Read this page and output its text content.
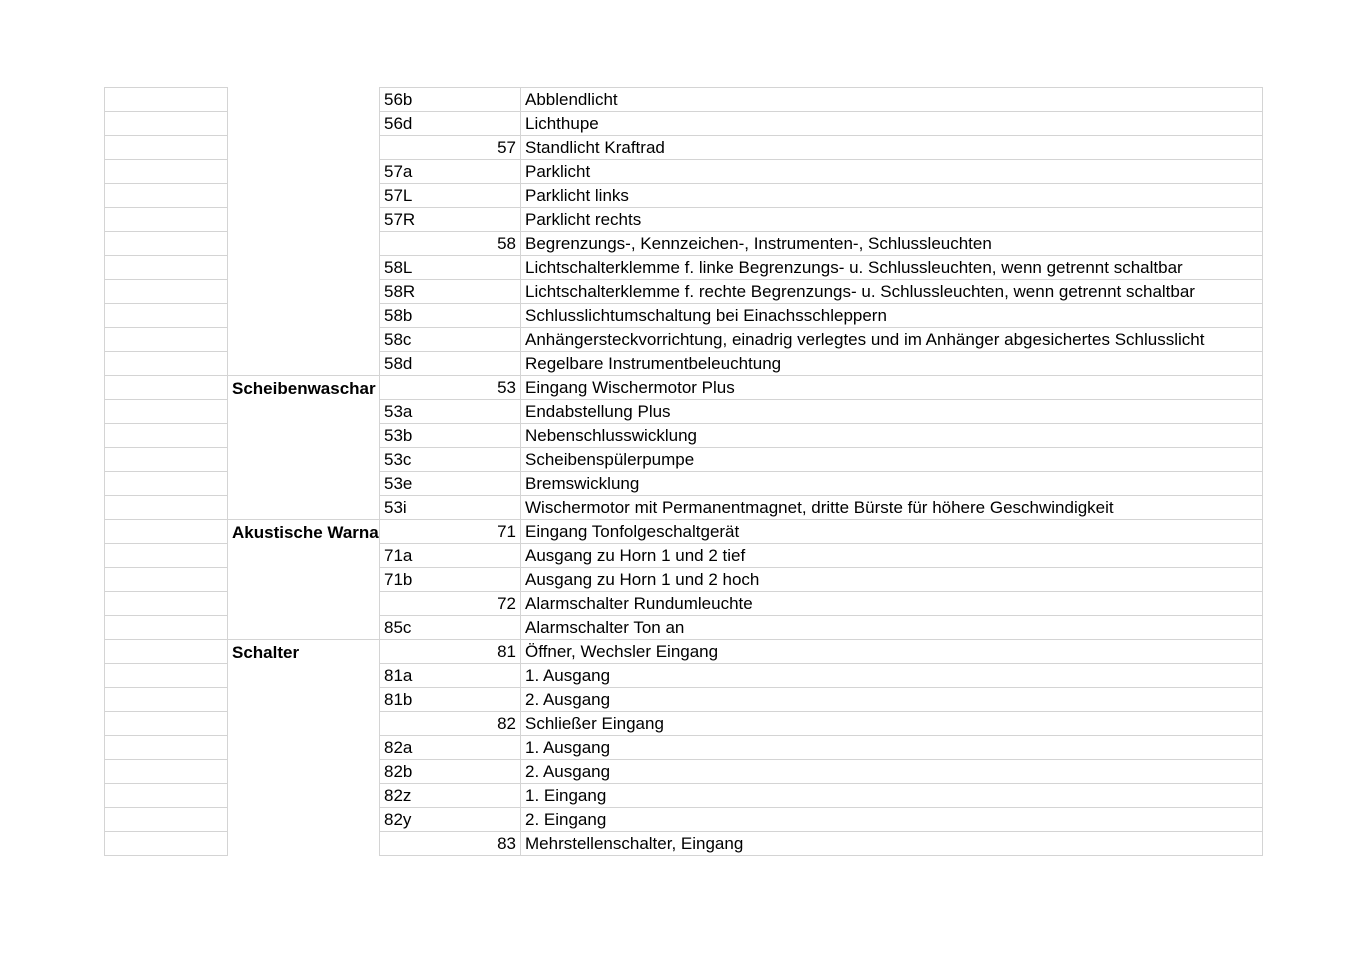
		56b	Abblendlicht
		56d	Lichthupe
		57	Standlicht Kraftrad
		57a	Parklicht
		57L	Parklicht links
		57R	Parklicht rechts
		58	Begrenzungs-, Kennzeichen-, Instrumenten-, Schlussleuchten
		58L	Lichtschalterklemme f. linke Begrenzungs- u. Schlussleuchten, wenn getrennt schaltbar
		58R	Lichtschalterklemme f. rechte Begrenzungs- u. Schlussleuchten, wenn getrennt schaltbar
		58b	Schlusslichtumschaltung bei Einachsschleppern
		58c	Anhängersteckvorrichtung, einadrig verlegtes und im Anhänger abgesichertes Schlusslicht
		58d	Regelbare Instrumentbeleuchtung
	Scheibenwaschar	53	Eingang Wischermotor Plus
		53a	Endabstellung Plus
		53b	Nebenschlusswicklung
		53c	Scheibenspülerpumpe
		53e	Bremswicklung
		53i	Wischermotor mit Permanentmagnet, dritte Bürste für höhere Geschwindigkeit
	Akustische Warna	71	Eingang Tonfolgeschaltgerät
		71a	Ausgang zu Horn 1 und 2 tief
		71b	Ausgang zu Horn 1 und 2 hoch
		72	Alarmschalter Rundumleuchte
		85c	Alarmschalter Ton an
	Schalter	81	Öffner, Wechsler Eingang
		81a	1. Ausgang
		81b	2. Ausgang
		82	Schließer Eingang
		82a	1. Ausgang
		82b	2. Ausgang
		82z	1. Eingang
		82y	2. Eingang
		83	Mehrstellenschalter, Eingang
